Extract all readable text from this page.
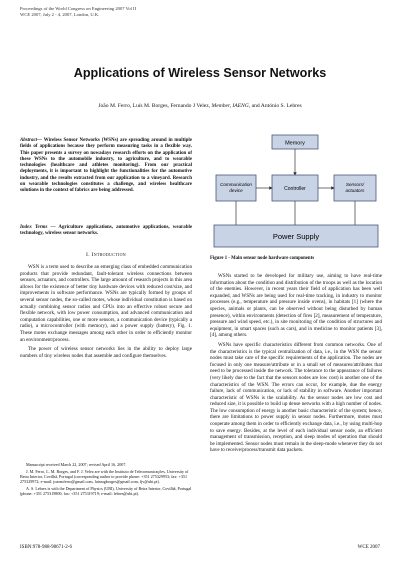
Proceedings of the World Congress on Engineering 2007 Vol II
WCE 2007, July 2 - 4, 2007, London, U.K.
Applications of Wireless Sensor Networks
João M. Ferro, Luís M. Borges, Fernando J Velez, Member, IAENG, and António S. Lebres
Abstract— Wireless Sensor Networks (WSNs) are spreading around in multiple fields of applications because they perform measuring tasks in a flexible way. This paper presents a survey on nowadays research efforts on the application of these WSNs to the automobile industry, to agriculture, and to wearable technologies (healthcare and athletes monitoring). From our practical deployments, it is important to highlight the functionalities for the automotive industry, and the results extracted from our application to a vineyard. Research on wearable technologies constitutes a challenge, and wireless healthcare solutions in the context of fabrics are being addressed.
Index Terms — Agriculture applications, automotive applications, wearable technology, wireless sensor networks.
I. Introduction

WSN is a term used to describe an emerging class of embedded communication products that provide redundant, fault-tolerant wireless connections between sensors, actuators, and controllers. The large amount of research projects in this area allows for the existence of better tiny hardware devices with reduced cost/size, and improvements in software performance. WSNs are typically formed by groups of several sensor nodes, the so-called motes, whose individual constitution is based on actually combining sensor radios and CPUs into an effective robust secure and flexible network, with low power consumption, and advanced communication and computation capabilities, one or more sensors, a communication device (typically a radio), a microcontroller (with memory), and a power supply (battery), Fig. 1. These motes exchange messages among each other in order to efficiently monitor an environment/process.

The power of wireless sensor networks lies in the ability to deploy large numbers of tiny wireless nodes that assemble and configure themselves.

Manuscript received March 22, 2007; revised April 16, 2007.

J. M. Ferro, L. M. Borges, and F. J. Velez are with the Instituto de Telecomunicações, University of Beira Interior, Covilhã, Portugal (corresponding author to provide phone: +351 275329953; fax: +351 275329972; e-mail: joaomferro@gmail.com, luismgborges@gmail.com, fjv@ubi.pt).

A. S. Lebres is with the Department of Physics (UBI), University of Beira Interior, Covilhã, Portugal (phone: +351 275319800; fax: +351 275319719; e-mail: lebres@ubi.pt).

Memory
Communication device	Controller
Sensors/ actuators
Power Supply
Figure 1 - Main sensor node hardware components

WSNs started to be developed for military use, aiming to have real-time information about the condition and distribution of the troops as well as the location of the enemies. However, in recent years their field of application has been well expanded, and WSNs are being used for real-time tracking, in industry to monitor processes (e.g., temperature and pressure inside ovens), in habitats [1] (where the species, animals or plants, can be observed without being disturbed by human presence), within environments (detection of fires [2], measurement of temperature, pressure and wind speed, etc.), in site monitoring of the condition of structures and equipment, in smart spaces (such as cars), and in medicine to monitor patients [3], [4], among others.

WSNs have specific characteristics different from common networks. One of the characteristics is the typical centralization of data, i.e., in the WSN the sensor nodes must take care of the specific requirements of the application. The nodes are focused in only one measure/attribute or in a small set of measures/attributes that need to be processed inside the network. The tolerance to the appearance of failures (very likely due to the fact that the sensors nodes are low cost) is another one of the characteristics of the WSN. The errors can occur, for example, due the energy failure, lack of communication, or lack of stability in software. Another important characteristic of WSNs is the scalability. As the sensor nodes are low cost and reduced size, it is possible to build up dense networks with a high number of nodes. The low consumption of energy is another basic characteristic of the system; hence, there are limitations to power supply in sensor nodes. Furthermore, motes must cooperate among them in order to efficiently exchange data, i.e., by using multi-hop to save energy. Besides, at the level of each individual sensor node, an efficient management of transmission, reception, and sleep modes of operation that should be implemented. Sensor nodes must remain in the sleep-mode whenever they do not have to receive/process/transmit data packets.

ISBN:978-988-98671-2-6	WCE 2007
